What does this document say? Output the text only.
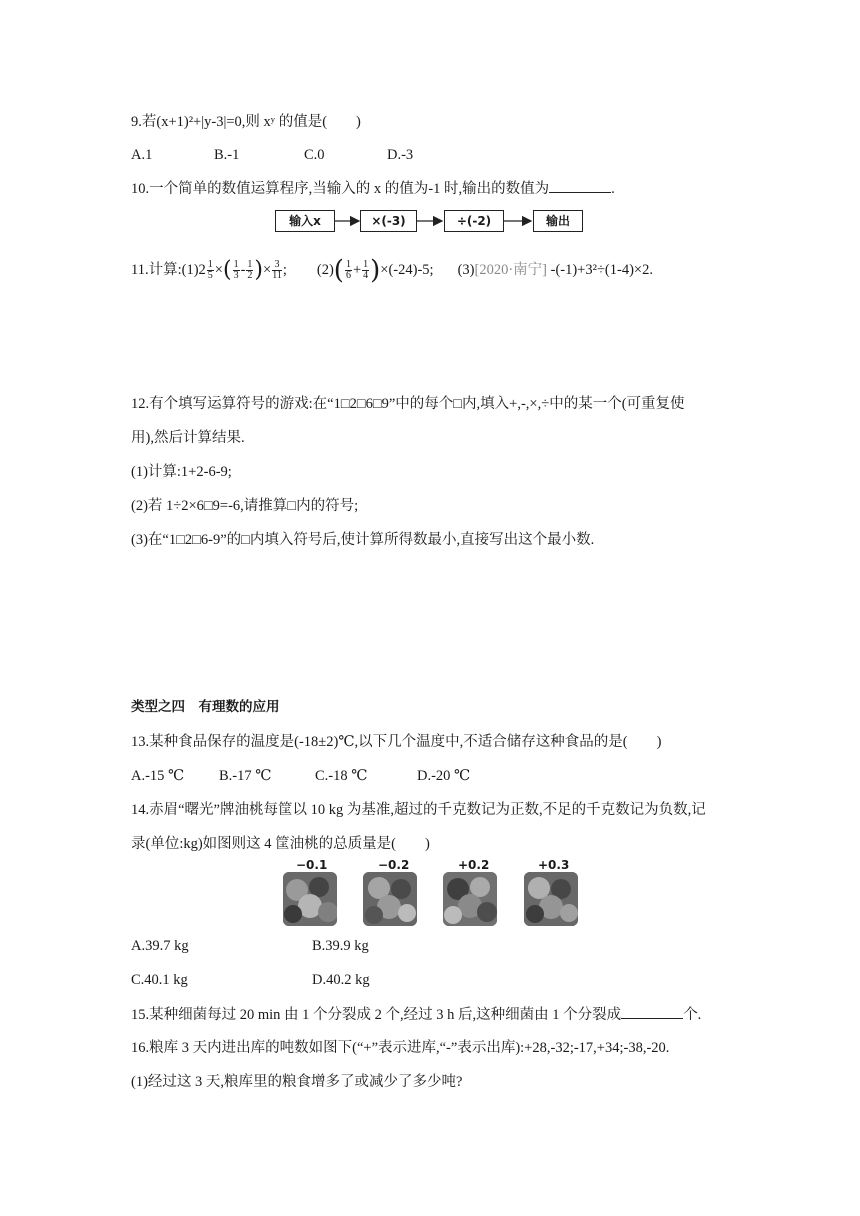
9.若(x+1)²+|y-3|=0,则 xʸ 的值是(　　)
A.1	B.-1	C.0	D.-3
10.一个简单的数值运算程序,当输入的 x 的值为-1 时,输出的数值为	.
输入x	×(-3)	÷(-2)	输出
11.计算:(1)2 $\frac{1}{5}$ ×( $\frac{1}{3} - \frac{1}{2}$ )× $\frac{3}{11}$ ; $(2)( \frac{1}{6} + \frac{1}{4} )\times(-24)-5$; (3)[2020·南宁] -(-1)+3²÷(1-4)×2.
12.有个填写运算符号的游戏:在“1□2□6□9”中的每个□内,填入+,-,×,÷中的某一个(可重复使
用),然后计算结果.
(1)计算:1+2-6-9;
(2)若 1÷2×6□9=-6,请推算□内的符号;
(3)在“1□2□6-9”的□内填入符号后,使计算所得数最小,直接写出这个最小数.
类型之四　有理数的应用
13.某种食品保存的温度是(-18±2)℃,以下几个温度中,不适合储存这种食品的是(　　)
A.-15 ℃ B.-17 ℃	C.-18 ℃	D.-20 ℃
14.赤眉“曙光”牌油桃每筐以 10 kg 为基准,超过的千克数记为正数,不足的千克数记为负数,记
录(单位:kg)如图则这 4 筐油桃的总质量是(　　)
−0.1	−0.2	+0.2	+0.3
A.39.7 kg	B.39.9 kg
C.40.1 kg	D.40.2 kg
15.某种细菌每过 20 min 由 1 个分裂成 2 个,经过 3 h 后,这种细菌由 1 个分裂成	个.
16.粮库 3 天内进出库的吨数如图下(“+”表示进库,“-”表示出库):+28,-32;-17,+34;-38,-20.
(1)经过这 3 天,粮库里的粮食增多了或减少了多少吨?
